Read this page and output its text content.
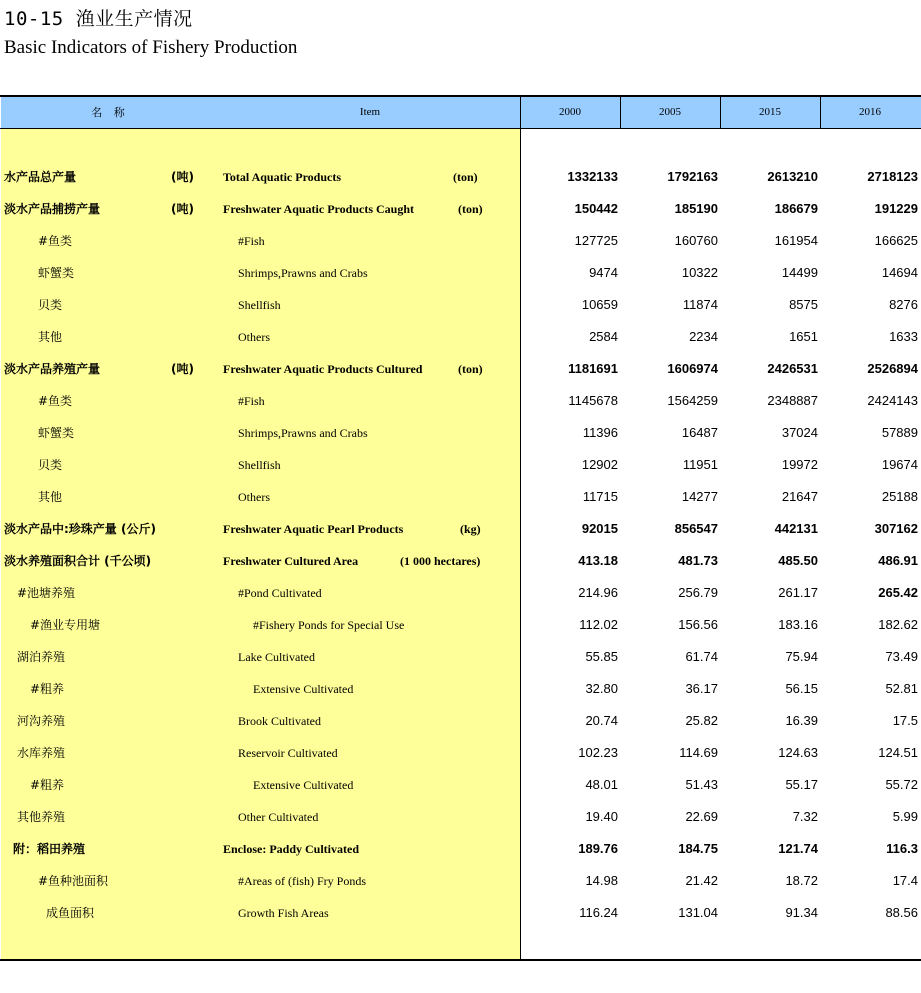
10-15 渔业生产情况
Basic Indicators of Fishery Production
名 称	Item	2000	2005	2015	2016
水产品总产量	(吨) Total Aquatic Products	(ton)	1332133	1792163	2613210	2718123
淡水产品捕捞产量	(吨) Freshwater Aquatic Products Caught	(ton)	150442	185190	186679	191229
#鱼类	#Fish	127725	160760	161954	166625
虾蟹类	Shrimps,Prawns and Crabs	9474	10322	14499	14694
贝类	Shellfish	10659	11874	8575	8276
其他	Others	2584	2234	1651	1633
淡水产品养殖产量	(吨) Freshwater Aquatic Products Cultured	(ton)	1181691	1606974	2426531	2526894
#鱼类	#Fish	1145678	1564259	2348887	2424143
虾蟹类	Shrimps,Prawns and Crabs	11396	16487	37024	57889
贝类	Shellfish	12902	11951	19972	19674
其他	Others	11715	14277	21647	25188
淡水产品中:珍珠产量 (公斤)	Freshwater Aquatic Pearl Products	(kg)	92015	856547	442131	307162
淡水养殖面积合计 (千公顷)	Freshwater Cultured Area	(1 000 hectares)	413.18	481.73	485.50	486.91
#池塘养殖	#Pond Cultivated	214.96	256.79	261.17	265.42
#渔业专用塘	#Fishery Ponds for Special Use	112.02	156.56	183.16	182.62
湖泊养殖	Lake Cultivated	55.85	61.74	75.94	73.49
#粗养	Extensive Cultivated	32.80	36.17	56.15	52.81
河沟养殖	Brook Cultivated	20.74	25.82	16.39	17.5
水库养殖	Reservoir Cultivated	102.23	114.69	124.63	124.51
#粗养	Extensive Cultivated	48.01	51.43	55.17	55.72
其他养殖	Other Cultivated	19.40	22.69	7.32	5.99
附：稻田养殖	Enclose: Paddy Cultivated	189.76	184.75	121.74	116.3
#鱼种池面积	#Areas of (fish) Fry Ponds	14.98	21.42	18.72	17.4
成鱼面积	Growth Fish Areas	116.24	131.04	91.34	88.56
